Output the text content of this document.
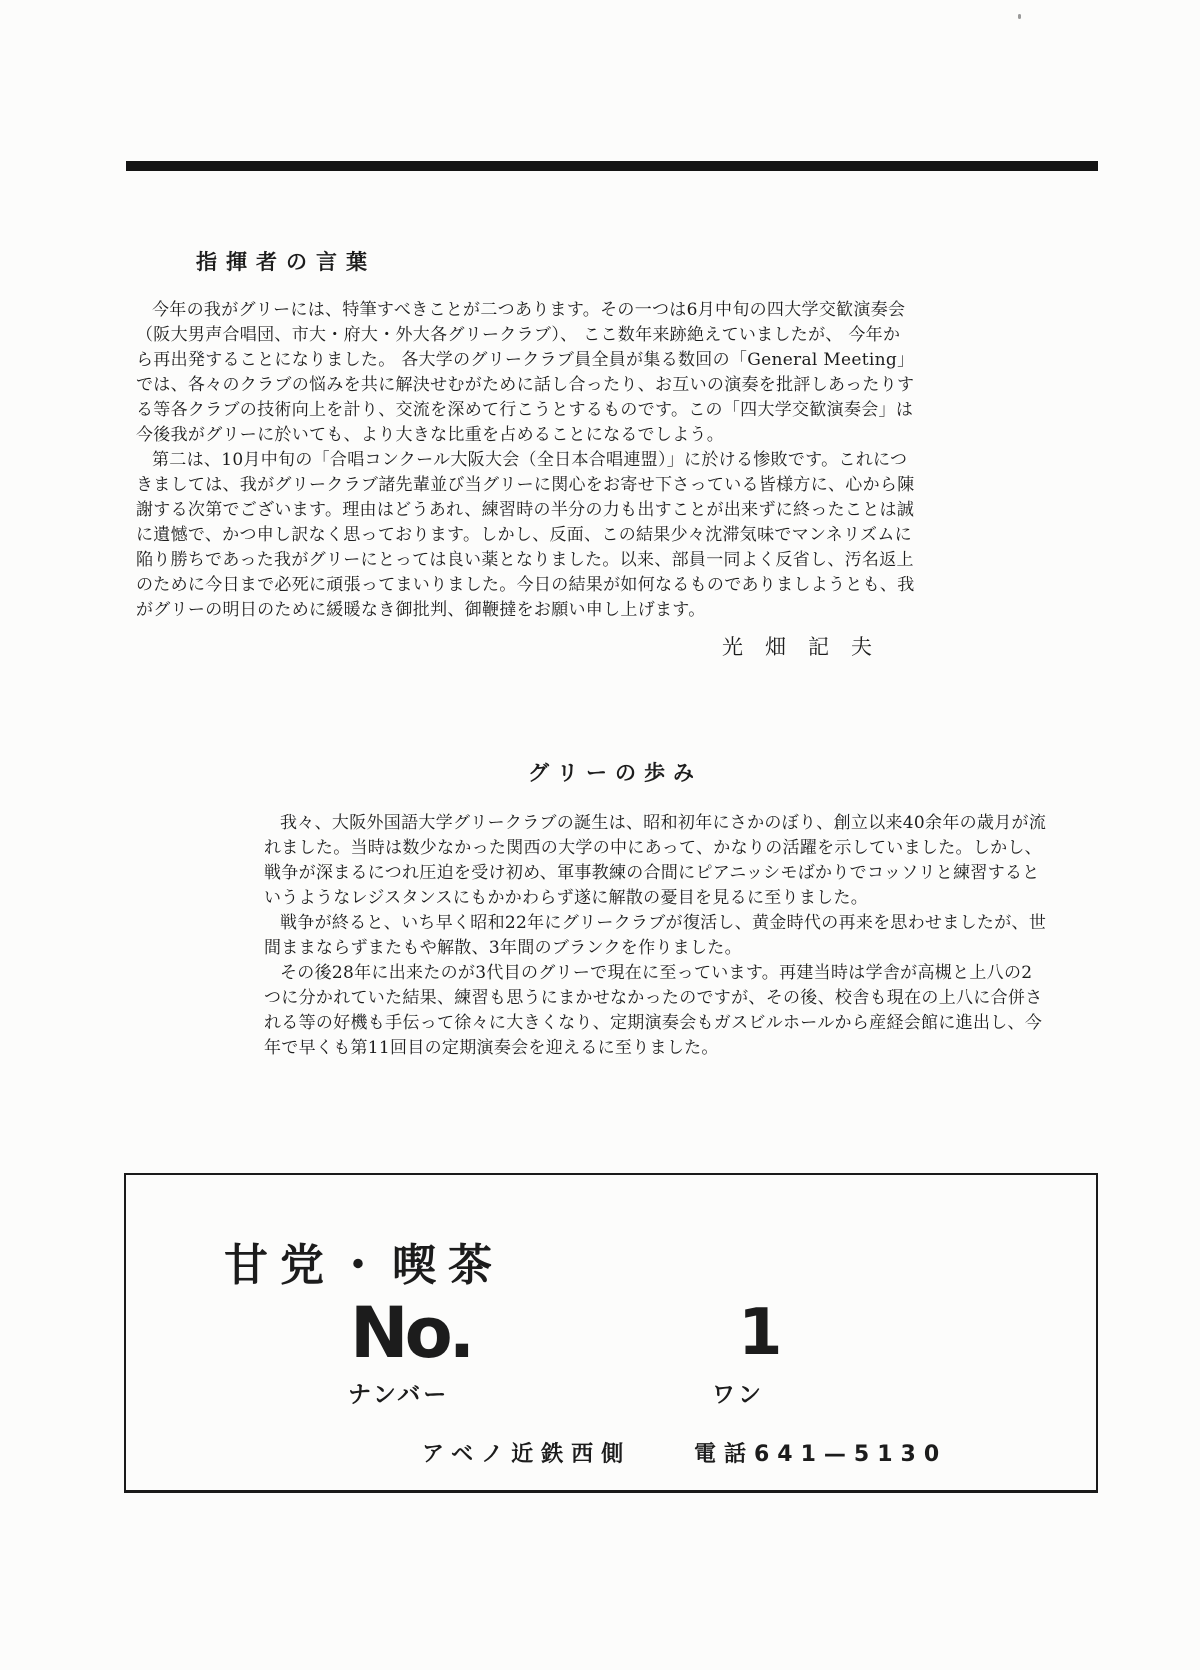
指揮者の言葉
今年の我がグリーには、特筆すべきことが二つあります。その一つは6月中旬の四大学交歓演奏会
（阪大男声合唱団、市大・府大・外大各グリークラブ）、 ここ数年来跡絶えていましたが、 今年か
ら再出発することになりました。 各大学のグリークラブ員全員が集る数回の「General Meeting」
では、各々のクラブの悩みを共に解決せむがために話し合ったり、お互いの演奏を批評しあったりす
る等各クラブの技術向上を計り、交流を深めて行こうとするものです。この「四大学交歓演奏会」は
今後我がグリーに於いても、より大きな比重を占めることになるでしよう。
第二は、10月中旬の「合唱コンクール大阪大会（全日本合唱連盟）」に於ける惨敗です。これにつ
きましては、我がグリークラブ諸先輩並び当グリーに関心をお寄せ下さっている皆様方に、心から陳
謝する次第でございます。理由はどうあれ、練習時の半分の力も出すことが出来ずに終ったことは誠
に遺憾で、かつ申し訳なく思っております。しかし、反面、この結果少々沈滞気味でマンネリズムに
陥り勝ちであった我がグリーにとっては良い薬となりました。以来、部員一同よく反省し、汚名返上
のために今日まで必死に頑張ってまいりました。今日の結果が如何なるものでありましようとも、我
がグリーの明日のために緩暖なき御批判、御鞭撻をお願い申し上げます。

光畑記夫

グリーの歩み
我々、大阪外国語大学グリークラブの誕生は、昭和初年にさかのぼり、創立以来40余年の歳月が流
れました。当時は数少なかった関西の大学の中にあって、かなりの活躍を示していました。しかし、
戦争が深まるにつれ圧迫を受け初め、軍事教練の合間にピアニッシモばかりでコッソリと練習すると
いうようなレジスタンスにもかかわらず遂に解散の憂目を見るに至りました。
戦争が終ると、いち早く昭和22年にグリークラブが復活し、黄金時代の再来を思わせましたが、世
間ままならずまたもや解散、3年間のブランクを作りました。
その後28年に出来たのが3代目のグリーで現在に至っています。再建当時は学舎が高槻と上八の2
つに分かれていた結果、練習も思うにまかせなかったのですが、その後、校舎も現在の上八に合併さ
れる等の好機も手伝って徐々に大きくなり、定期演奏会もガスビルホールから産経会館に進出し、今
年で早くも第11回目の定期演奏会を迎えるに至りました。

甘党・喫茶

No.
ナンバー
1
ワン
アベノ近鉄西側	電話641—5130
